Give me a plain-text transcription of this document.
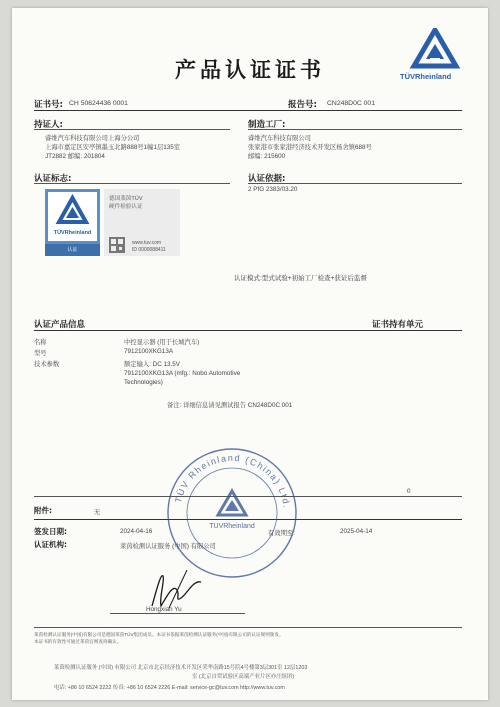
产品认证证书	TÜVRheinland
证书号: CH 50624436 0001	报告号: CN248D0C 001
持证人:
睿维汽车科技有限公司上海分公司
上海市嘉定区安亭镇墨玉北路888号1幢1层135室
JT2882 邮编: 201804
制造工厂:
睿维汽车科技有限公司
张家港市张家港经济技术开发区杨舍镇688号
邮编: 215600
认证标志:	认证依据:
2 PfG 2383/03.20
TÜVRheinland
认证
德国莱茵TÜV
硬件检验认证
www.tuv.com
ID 0000088411
认证模式:型式试验+初始工厂检查+获证后监督
认证产品信息	证书持有单元
名称	中控显示器 (用于长城汽车)
型号	7912100XKG13A
技术参数	额定输入: DC 13.5V
7912100XKG13A (mfg.: Nobo Automotive
Technologies)
备注: 详细信息请见测试报告 CN248D0C 001
0
附件:	无
签发日期:	2024-04-16	有效期至:	2025-04-14
认证机构:	莱茵检测认证服务 (中国) 有限公司
TÜV Rheinland (China) Ltd.
TÜVRheinland
Hongxian Yu
莱茵检测认证服务(中国)有限公司是德国莱茵TÜV集团成员。本证书依据莱茵检测认证服务(中国)有限公司的认证规则颁发。
本证书的有效性可通过莱茵官网查询确认。
莱茵检测认证服务 (中国) 有限公司 北京市北京经济技术开发区荣华南路15号院4号楼第3层301室 12层1203
室 (北京自贸试验区高端产业片区亦庄组团)
电话: +86 10 6524 2222 传真: +86 10 6524 2226 E-mail: service-gc@tuv.com http://www.tuv.com
